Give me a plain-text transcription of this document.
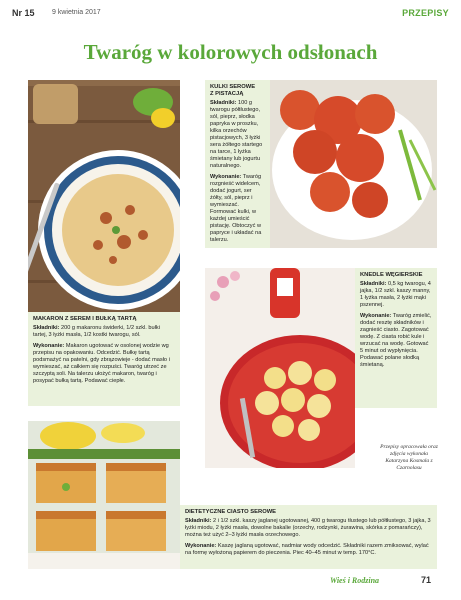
Nr 15 9 kwietnia 2017	PRZEPISY
Twaróg w kolorowych odsłonach
KULKI SEROWE
Z PISTACJĄ

Składniki: 100 g twarogu półtłustego, sól, pieprz, słodka papryka w proszku, kilka orzechów pistacjowych, 3 łyżki sera żółtego startego na tarce, 1 łyżka śmietany lub jogurtu naturalnego.

Wykonanie: Twaróg rozgnieść widelcem, dodać jogurt, ser żółty, sól, pieprz i wymieszać. Formować kulki, w każdej umieścić pistację. Obtoczyć w papryce i układać na talerzu.

MAKARON Z SEREM I BUŁKĄ TARTĄ

Składniki: 200 g makaronu świderki, 1/2 szkl. bułki tartej, 3 łyżki masła, 1/2 kostki twarogu, sól.

Wykonanie: Makaron ugotować w osolonej wodzie wg przepisu na opakowaniu. Odcedzić. Bułkę tartą podsmażyć na patelni, gdy zbrązowieje - dodać masło i wymieszać, aż całkiem się rozpuści. Twaróg utrzeć ze szczyptą soli. Na talerzu ułożyć makaron, twaróg i posypać bułką tartą. Podawać ciepłe.

KNEDLE WĘGIERSKIE

Składniki: 0,5 kg twarogu, 4 jajka, 1/2 szkl. kaszy manny, 1 łyżka masła, 2 łyżki mąki pszennej.

Wykonanie: Twaróg zmielić, dodać resztę składników i zagnieść ciasto. Zagotować wodę. Z ciasta robić kule i wrzucać na wodę. Gotować 5 minut od wypłynięcia. Podawać polane słodką śmietaną.

Przepisy opracowała oraz zdjęcia wykonała Katarzyna Kosmala z Czarnolasu
DIETETYCZNE CIASTO SEROWE

Składniki: 2 i 1/2 szkl. kaszy jaglanej ugotowanej, 400 g twarogu tłustego lub półtłustego, 3 jajka, 3 łyżki miodu, 2 łyżki masła, dowolne bakalie (orzechy, rodzynki, żurawina, skórka z pomarańczy), można też użyć 2–3 łyżki masła orzechowego.

Wykonanie: Kaszę jaglaną ugotować, nadmiar wody odcedzić. Składniki razem zmiksować, wylać na formę wyłożoną papierem do pieczenia. Piec 40–45 minut w temp. 170°C.

Wieś i Rodzina	71
